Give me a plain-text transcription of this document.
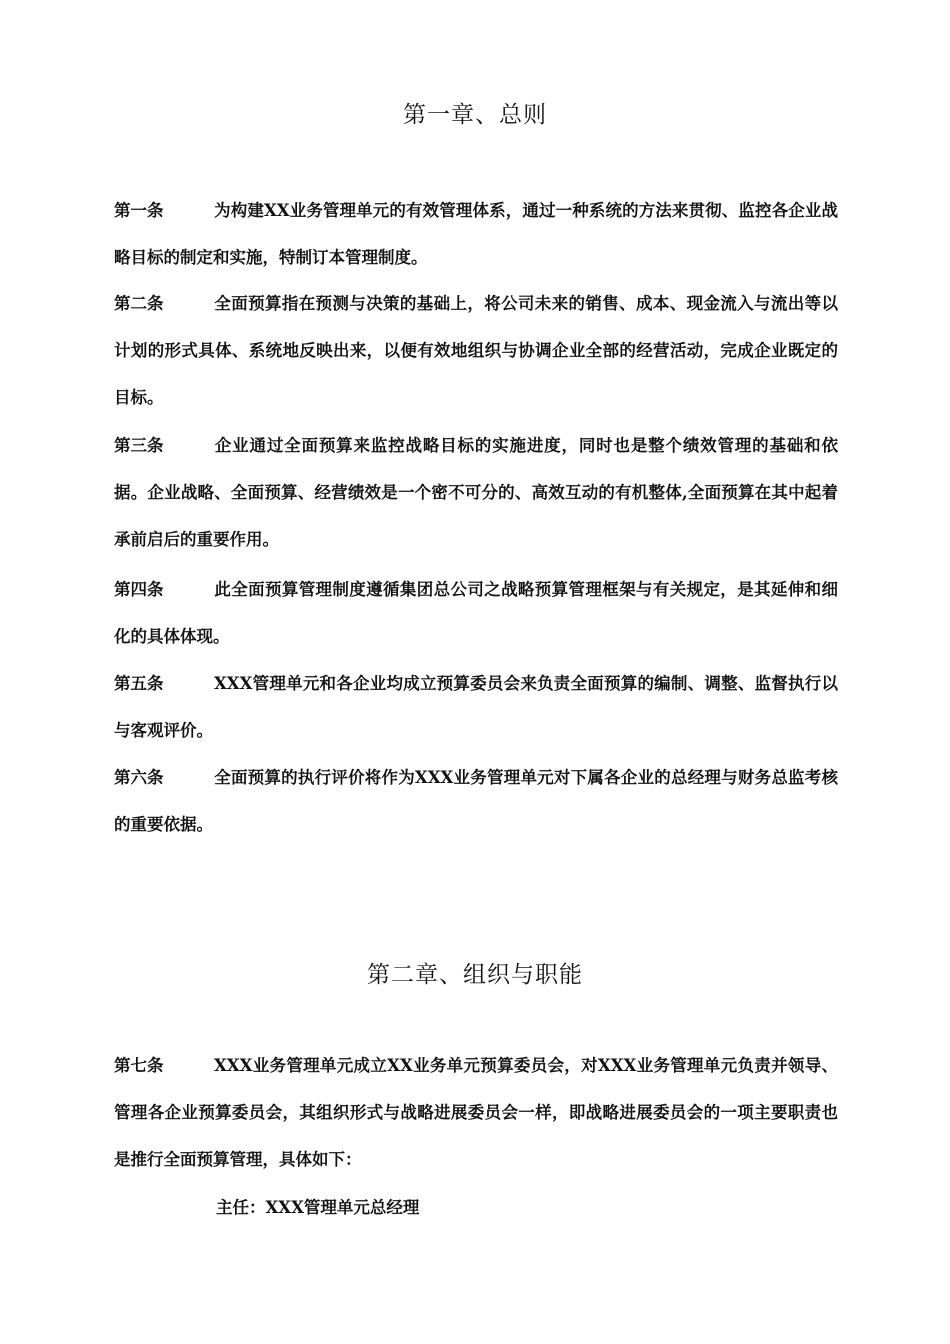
第一章、总则
第一条	为构建XX业务管理单元的有效管理体系，通过一种系统的方法来贯彻、监控各企业战略目标的制定和实施，特制订本管理制度。
第二条	全面预算指在预测与决策的基础上，将公司未来的销售、成本、现金流入与流出等以计划的形式具体、系统地反映出来，以便有效地组织与协调企业全部的经营活动，完成企业既定的目标。
第三条	企业通过全面预算来监控战略目标的实施进度，同时也是整个绩效管理的基础和依据。企业战略、全面预算、经营绩效是一个密不可分的、高效互动的有机整体,全面预算在其中起着承前启后的重要作用。
第四条	此全面预算管理制度遵循集团总公司之战略预算管理框架与有关规定，是其延伸和细化的具体体现。
第五条	XXX管理单元和各企业均成立预算委员会来负责全面预算的编制、调整、监督执行以与客观评价。
第六条	全面预算的执行评价将作为XXX业务管理单元对下属各企业的总经理与财务总监考核的重要依据。
第二章、组织与职能
第七条	XXX业务管理单元成立XX业务单元预算委员会，对XXX业务管理单元负责并领导、管理各企业预算委员会，其组织形式与战略进展委员会一样，即战略进展委员会的一项主要职责也是推行全面预算管理，具体如下：
主任：XXX管理单元总经理
